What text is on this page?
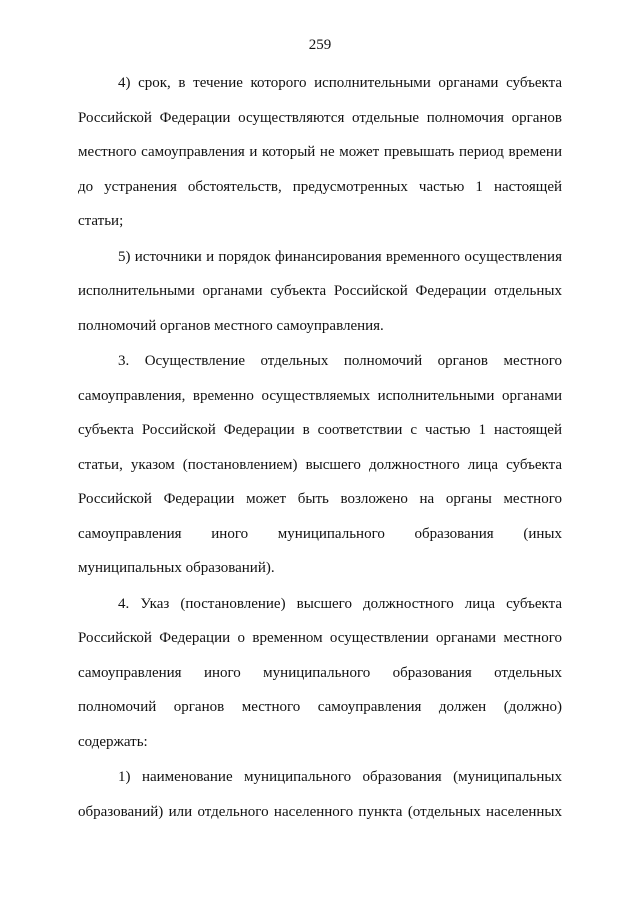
259
4) срок, в течение которого исполнительными органами субъекта
Российской Федерации осуществляются отдельные полномочия органов
местного самоуправления и который не может превышать период времени
до устранения обстоятельств, предусмотренных частью 1 настоящей
статьи;
5) источники и порядок финансирования временного осуществления
исполнительными органами субъекта Российской Федерации отдельных
полномочий органов местного самоуправления.
3. Осуществление отдельных полномочий органов местного
самоуправления, временно осуществляемых исполнительными органами
субъекта Российской Федерации в соответствии с частью 1 настоящей
статьи, указом (постановлением) высшего должностного лица субъекта
Российской Федерации может быть возложено на органы местного
самоуправления иного муниципального образования (иных
муниципальных образований).
4. Указ (постановление) высшего должностного лица субъекта
Российской Федерации о временном осуществлении органами местного
самоуправления иного муниципального образования отдельных
полномочий органов местного самоуправления должен (должно)
содержать:
1) наименование муниципального образования (муниципальных
образований) или отдельного населенного пункта (отдельных населенных
